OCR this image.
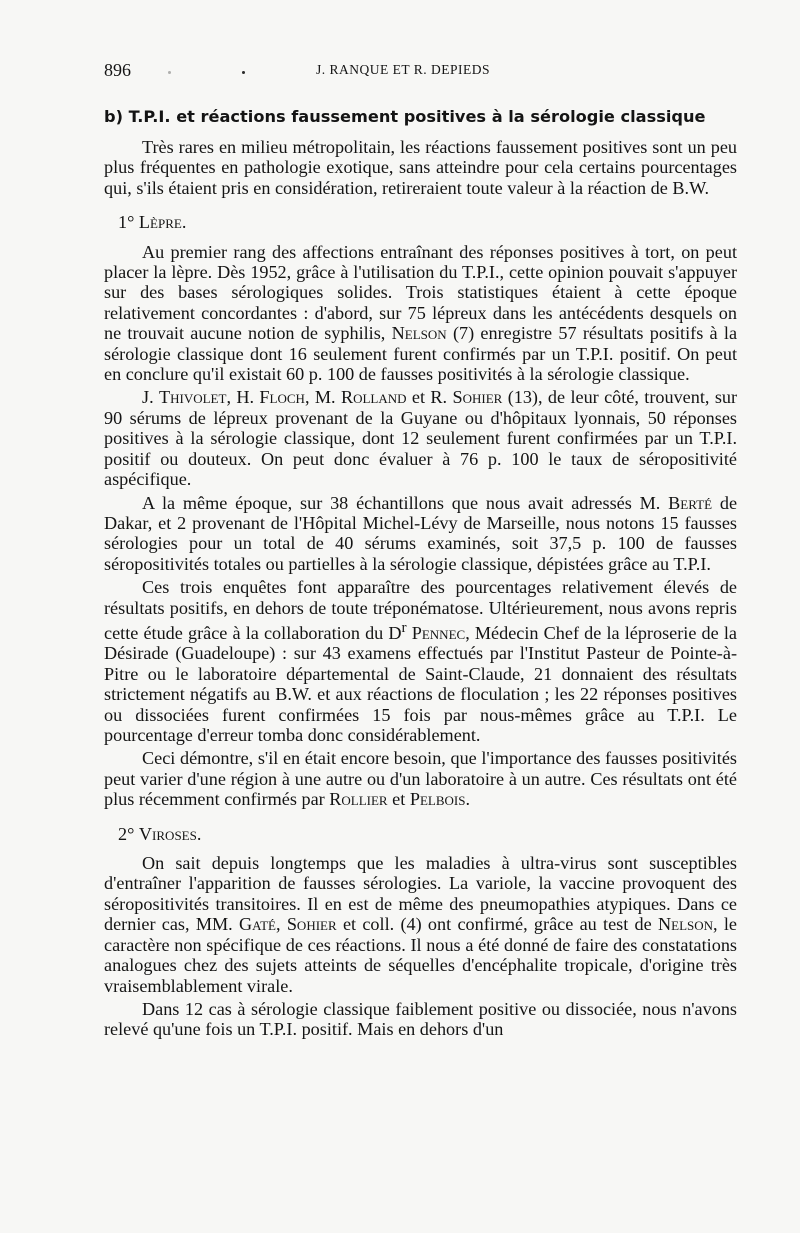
896	J. RANQUE ET R. DEPIEDS
b) T.P.I. et réactions faussement positives à la sérologie classique

Très rares en milieu métropolitain, les réactions faussement positives sont un peu plus fréquentes en pathologie exotique, sans atteindre pour cela certains pourcentages qui, s'ils étaient pris en considération, retireraient toute valeur à la réaction de B.W.

1° Lèpre.

Au premier rang des affections entraînant des réponses positives à tort, on peut placer la lèpre. Dès 1952, grâce à l'utilisation du T.P.I., cette opinion pouvait s'appuyer sur des bases sérologiques solides. Trois statistiques étaient à cette époque relativement concordantes : d'abord, sur 75 lépreux dans les antécédents desquels on ne trouvait aucune notion de syphilis, Nelson (7) enregistre 57 résultats positifs à la sérologie classique dont 16 seulement furent confirmés par un T.P.I. positif. On peut en conclure qu'il existait 60 p. 100 de fausses positivités à la sérologie classique.

J. Thivolet, H. Floch, M. Rolland et R. Sohier (13), de leur côté, trouvent, sur 90 sérums de lépreux provenant de la Guyane ou d'hôpitaux lyonnais, 50 réponses positives à la sérologie classique, dont 12 seulement furent confirmées par un T.P.I. positif ou douteux. On peut donc évaluer à 76 p. 100 le taux de séropositivité aspécifique.

A la même époque, sur 38 échantillons que nous avait adressés M. Berté de Dakar, et 2 provenant de l'Hôpital Michel-Lévy de Marseille, nous notons 15 fausses sérologies pour un total de 40 sérums examinés, soit 37,5 p. 100 de fausses séropositivités totales ou partielles à la sérologie classique, dépistées grâce au T.P.I.

Ces trois enquêtes font apparaître des pourcentages relativement élevés de résultats positifs, en dehors de toute tréponématose. Ultérieurement, nous avons repris cette étude grâce à la collaboration du $D^r$ Pennec, Médecin Chef de la léproserie de la Désirade (Guadeloupe) : sur 43 examens effectués par l'Institut Pasteur de Pointe-à-Pitre ou le laboratoire départemental de Saint-Claude, 21 donnaient des résultats strictement négatifs au B.W. et aux réactions de floculation ; les 22 réponses positives ou dissociées furent confirmées 15 fois par nous-mêmes grâce au T.P.I. Le pourcentage d'erreur tomba donc considérablement.

Ceci démontre, s'il en était encore besoin, que l'importance des fausses positivités peut varier d'une région à une autre ou d'un laboratoire à un autre. Ces résultats ont été plus récemment confirmés par Rollier et Pelbois.

2° Viroses.

On sait depuis longtemps que les maladies à ultra-virus sont susceptibles d'entraîner l'apparition de fausses sérologies. La variole, la vaccine provoquent des séropositivités transitoires. Il en est de même des pneumopathies atypiques. Dans ce dernier cas, MM. Gaté, Sohier et coll. (4) ont confirmé, grâce au test de Nelson, le caractère non spécifique de ces réactions. Il nous a été donné de faire des constatations analogues chez des sujets atteints de séquelles d'encéphalite tropicale, d'origine très vraisemblablement virale.

Dans 12 cas à sérologie classique faiblement positive ou dissociée, nous n'avons relevé qu'une fois un T.P.I. positif. Mais en dehors d'un
